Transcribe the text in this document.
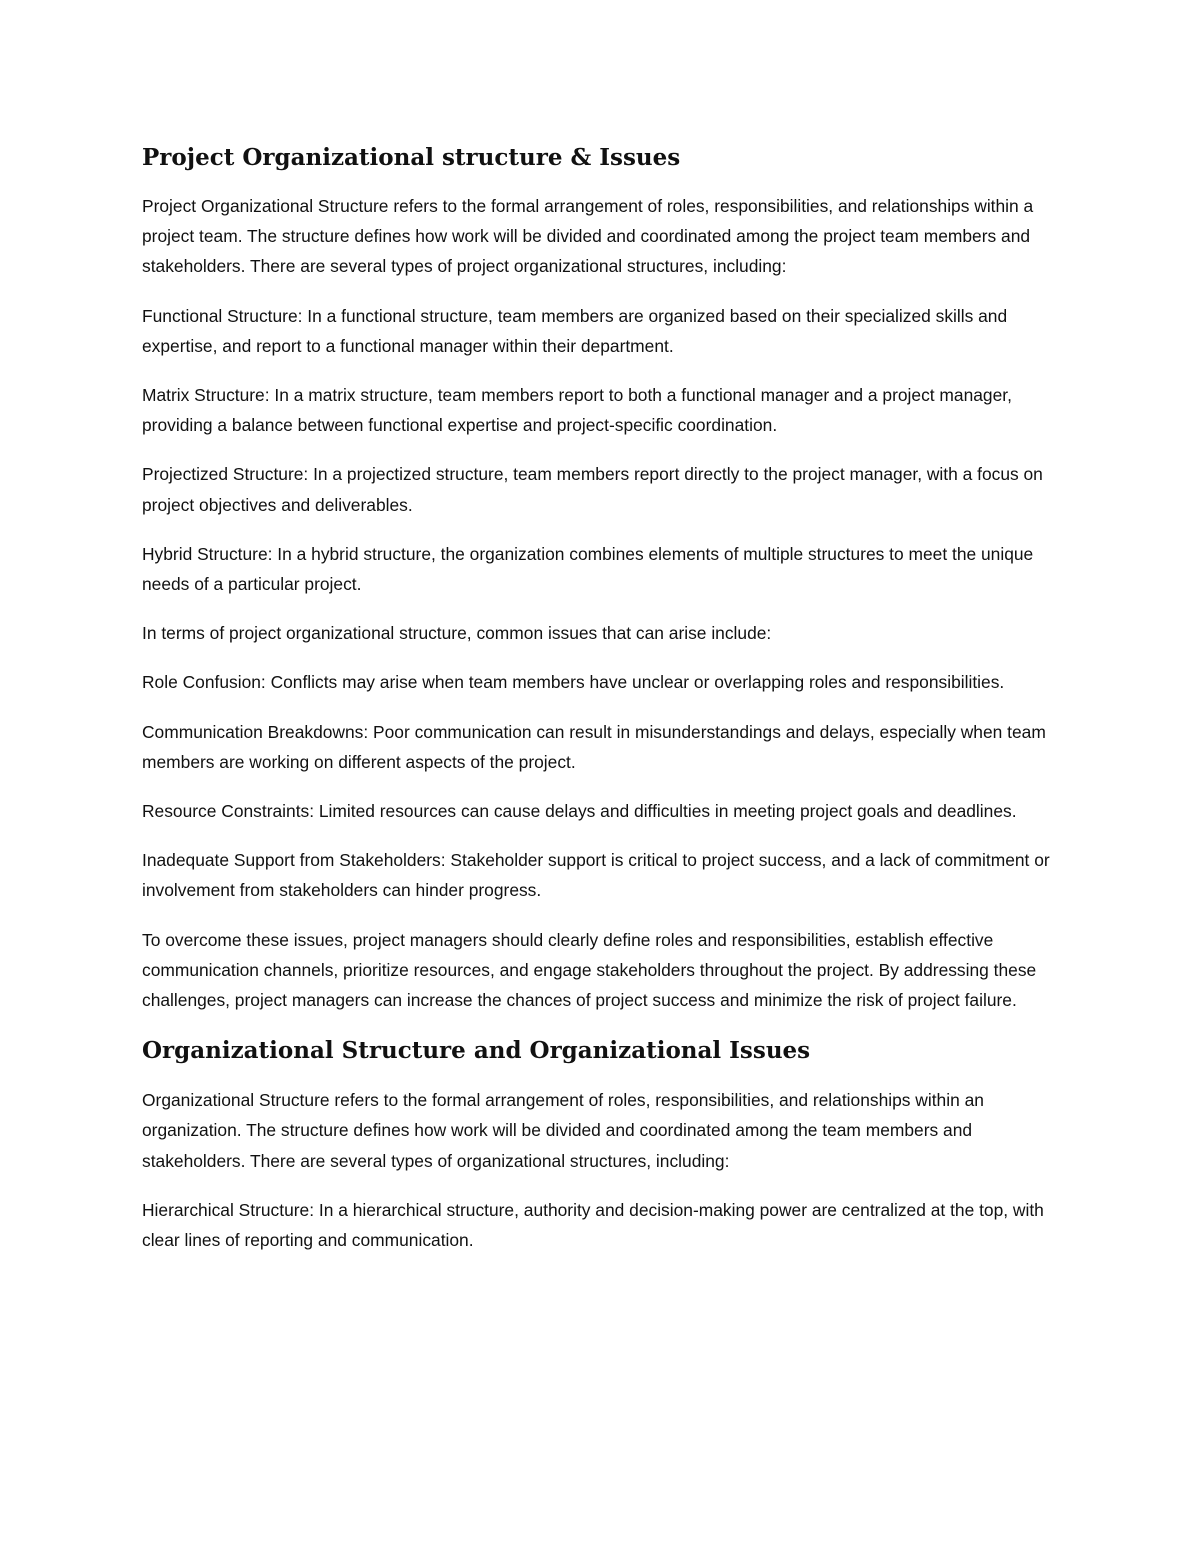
Project Organizational structure & Issues

Project Organizational Structure refers to the formal arrangement of roles, responsibilities, and relationships within a project team. The structure defines how work will be divided and coordinated among the project team members and stakeholders. There are several types of project organizational structures, including:

Functional Structure: In a functional structure, team members are organized based on their specialized skills and expertise, and report to a functional manager within their department.

Matrix Structure: In a matrix structure, team members report to both a functional manager and a project manager, providing a balance between functional expertise and project-specific coordination.

Projectized Structure: In a projectized structure, team members report directly to the project manager, with a focus on project objectives and deliverables.

Hybrid Structure: In a hybrid structure, the organization combines elements of multiple structures to meet the unique needs of a particular project.

In terms of project organizational structure, common issues that can arise include:

Role Confusion: Conflicts may arise when team members have unclear or overlapping roles and responsibilities.

Communication Breakdowns: Poor communication can result in misunderstandings and delays, especially when team members are working on different aspects of the project.

Resource Constraints: Limited resources can cause delays and difficulties in meeting project goals and deadlines.

Inadequate Support from Stakeholders: Stakeholder support is critical to project success, and a lack of commitment or involvement from stakeholders can hinder progress.

To overcome these issues, project managers should clearly define roles and responsibilities, establish effective communication channels, prioritize resources, and engage stakeholders throughout the project. By addressing these challenges, project managers can increase the chances of project success and minimize the risk of project failure.

Organizational Structure and Organizational Issues

Organizational Structure refers to the formal arrangement of roles, responsibilities, and relationships within an organization. The structure defines how work will be divided and coordinated among the team members and stakeholders. There are several types of organizational structures, including:

Hierarchical Structure: In a hierarchical structure, authority and decision-making power are centralized at the top, with clear lines of reporting and communication.
